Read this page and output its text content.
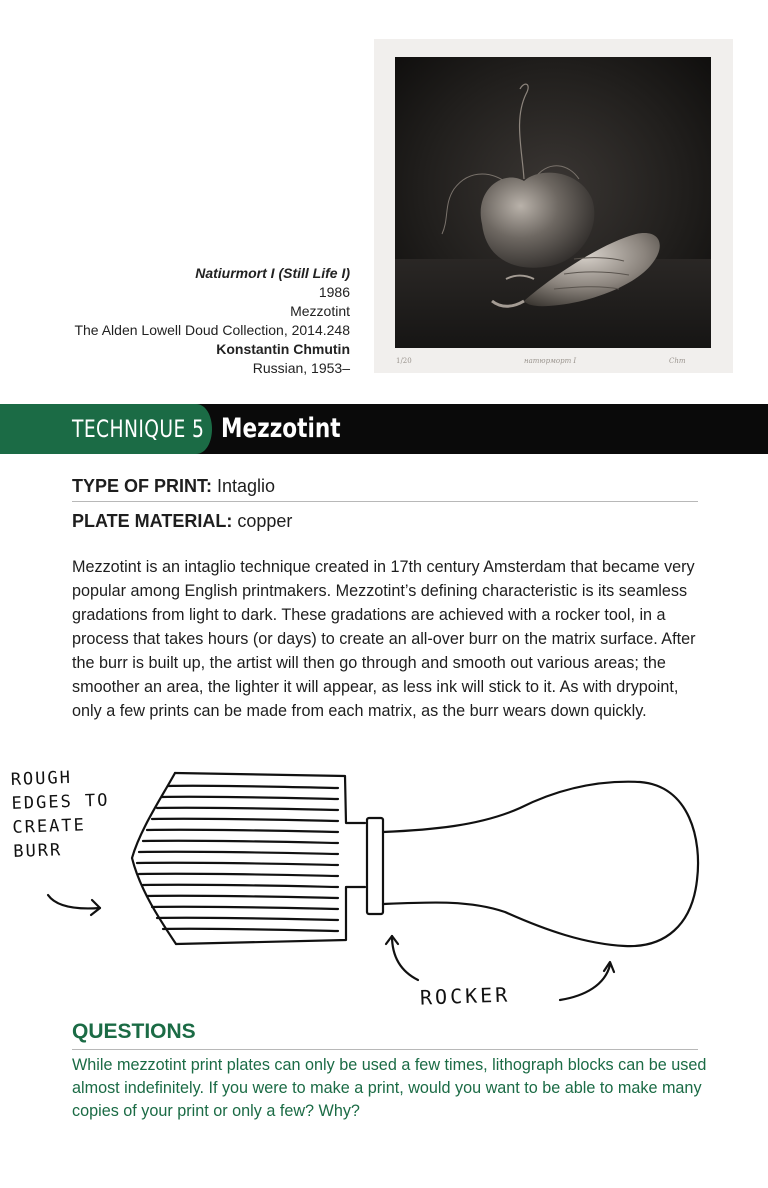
Natiurmort I (Still Life I)
1986
Mezzotint
The Alden Lowell Doud Collection, 2014.248
Konstantin Chmutin
Russian, 1953–	1/20	натюрморт I	Chm
TECHNIQUE 5 Mezzotint
TYPE OF PRINT: Intaglio
PLATE MATERIAL: copper
Mezzotint is an intaglio technique created in 17th century Amsterdam that became very popular among English printmakers. Mezzotint’s defining characteristic is its seamless gradations from light to dark. These gradations are achieved with a rocker tool, in a process that takes hours (or days) to create an all-over burr on the matrix surface. After the burr is built up, the artist will then go through and smooth out various areas; the smoother an area, the lighter it will appear, as less ink will stick to it. As with drypoint, only a few prints can be made from each matrix, as the burr wears down quickly.
ROUGH EDGES TO CREATE BURR
ROCKER
QUESTIONS
While mezzotint print plates can only be used a few times, lithograph blocks can be used almost indefinitely. If you were to make a print, would you want to be able to make many copies of your print or only a few? Why?
